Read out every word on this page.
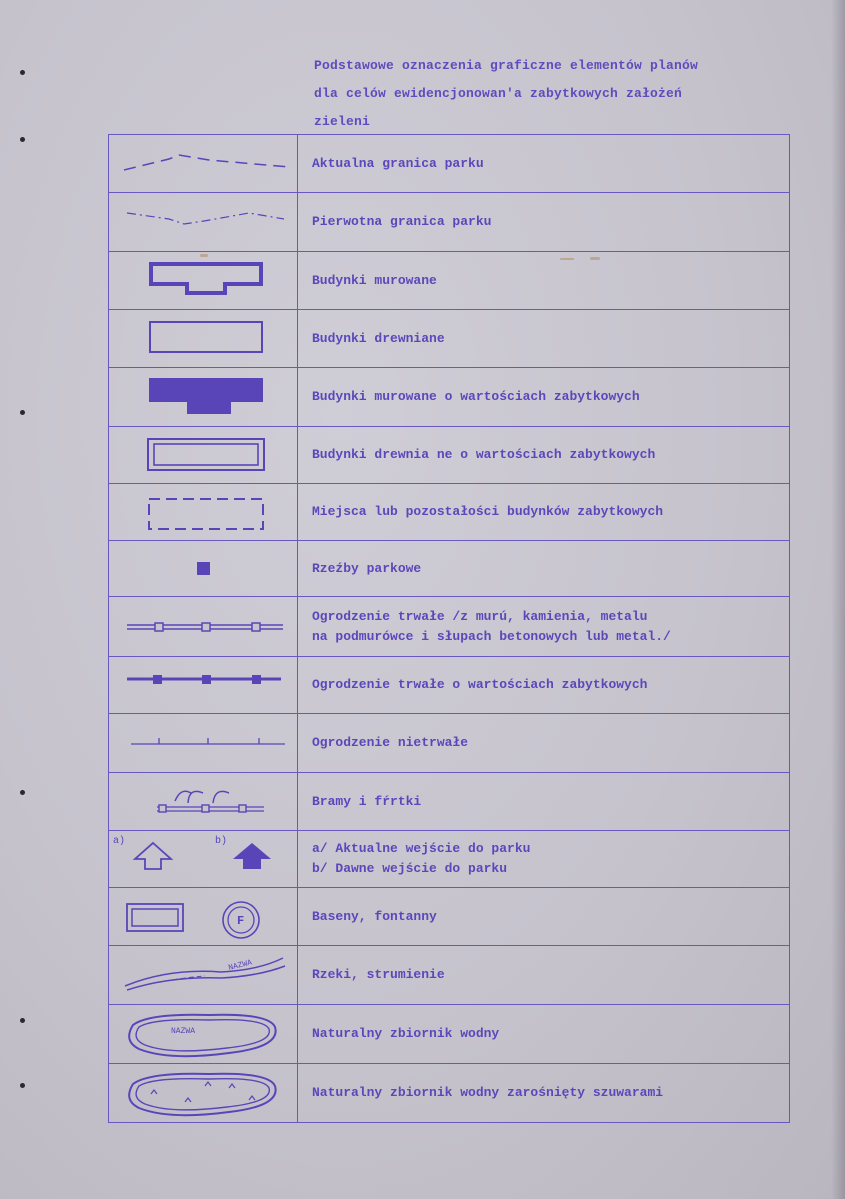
Podstawowe oznaczenia graficzne elementów planów
dla celów ewidencjonowan'a zabytkowych założeń
zieleni

Aktualna granica parku

Pierwotna granica parku

Budynki murowane

Budynki drewniane

Budynki murowane o wartościach zabytkowych

Budynki drewnia ne o wartościach zabytkowych

Miejsca lub pozostałości budynków zabytkowych

Rzeźby parkowe

Ogrodzenie trwałe /z murú, kamienia, metalu
na podmurówce i słupach betonowych lub metal./

Ogrodzenie trwałe o wartościach zabytkowych

Ogrodzenie nietrwałe

Bramy i fŕrtki

a) b)	a/ Aktualne wejście do parku
b/ Dawne wejście do parku

F	Baseny, fontanny

NAZWA	Rzeki, strumienie

NAZWA	Naturalny zbiornik wodny

Naturalny zbiornik wodny zarośnięty szuwarami
